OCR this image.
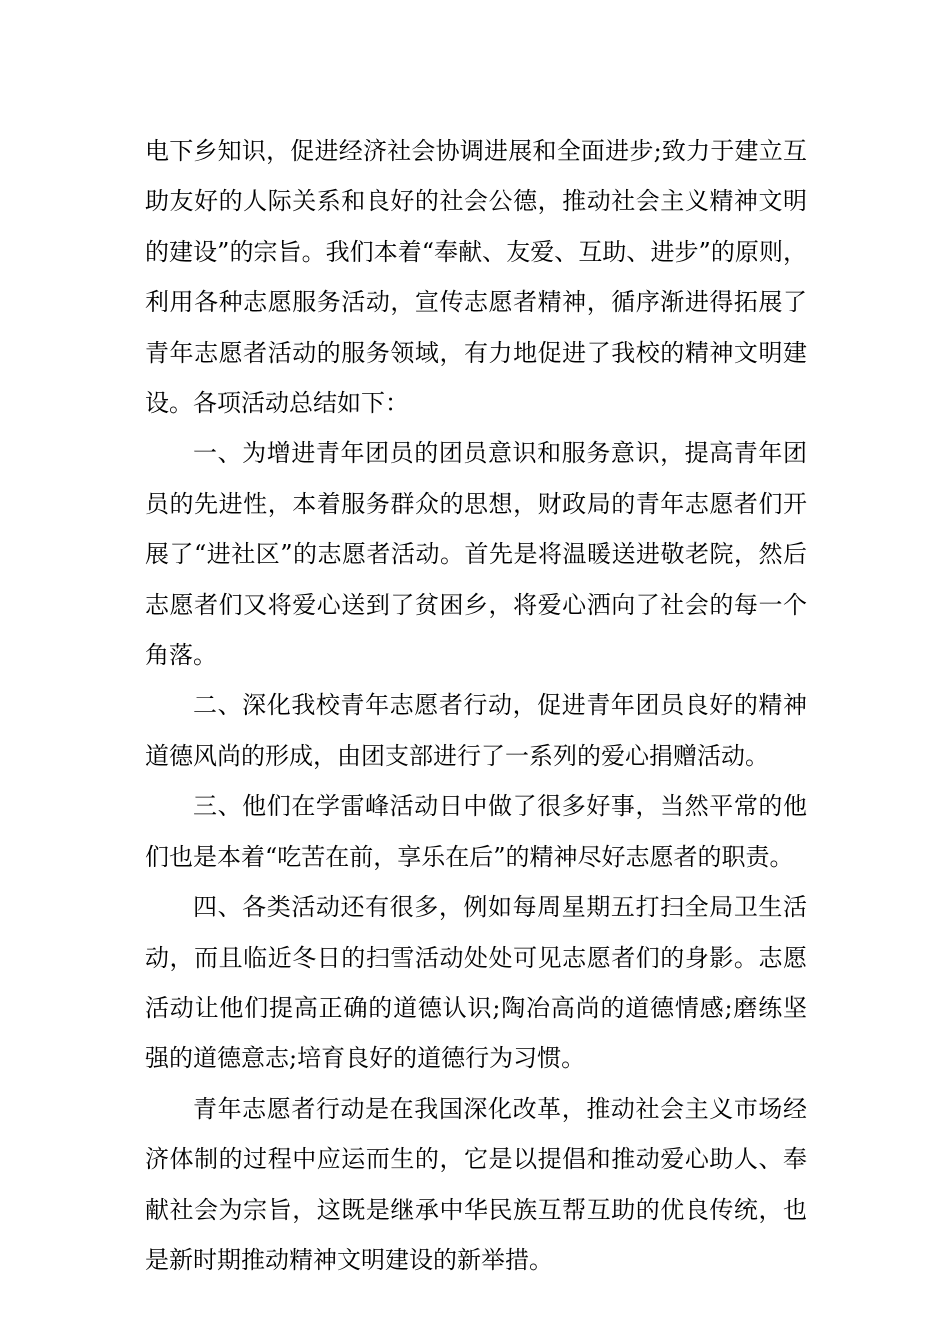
电下乡知识，促进经济社会协调进展和全面进步;致力于建立互助友好的人际关系和良好的社会公德，推动社会主义精神文明的建设”的宗旨。我们本着“奉献、友爱、互助、进步”的原则，利用各种志愿服务活动，宣传志愿者精神，循序渐进得拓展了青年志愿者活动的服务领域，有力地促进了我校的精神文明建设。各项活动总结如下：

一、为增进青年团员的团员意识和服务意识，提高青年团员的先进性，本着服务群众的思想，财政局的青年志愿者们开展了“进社区”的志愿者活动。首先是将温暖送进敬老院，然后志愿者们又将爱心送到了贫困乡，将爱心洒向了社会的每一个角落。

二、深化我校青年志愿者行动，促进青年团员良好的精神道德风尚的形成，由团支部进行了一系列的爱心捐赠活动。

三、他们在学雷峰活动日中做了很多好事，当然平常的他们也是本着“吃苦在前，享乐在后”的精神尽好志愿者的职责。

四、各类活动还有很多，例如每周星期五打扫全局卫生活动，而且临近冬日的扫雪活动处处可见志愿者们的身影。志愿活动让他们提高正确的道德认识;陶冶高尚的道德情感;磨练坚强的道德意志;培育良好的道德行为习惯。

青年志愿者行动是在我国深化改革，推动社会主义市场经济体制的过程中应运而生的，它是以提倡和推动爱心助人、奉献社会为宗旨，这既是继承中华民族互帮互助的优良传统，也是新时期推动精神文明建设的新举措。
